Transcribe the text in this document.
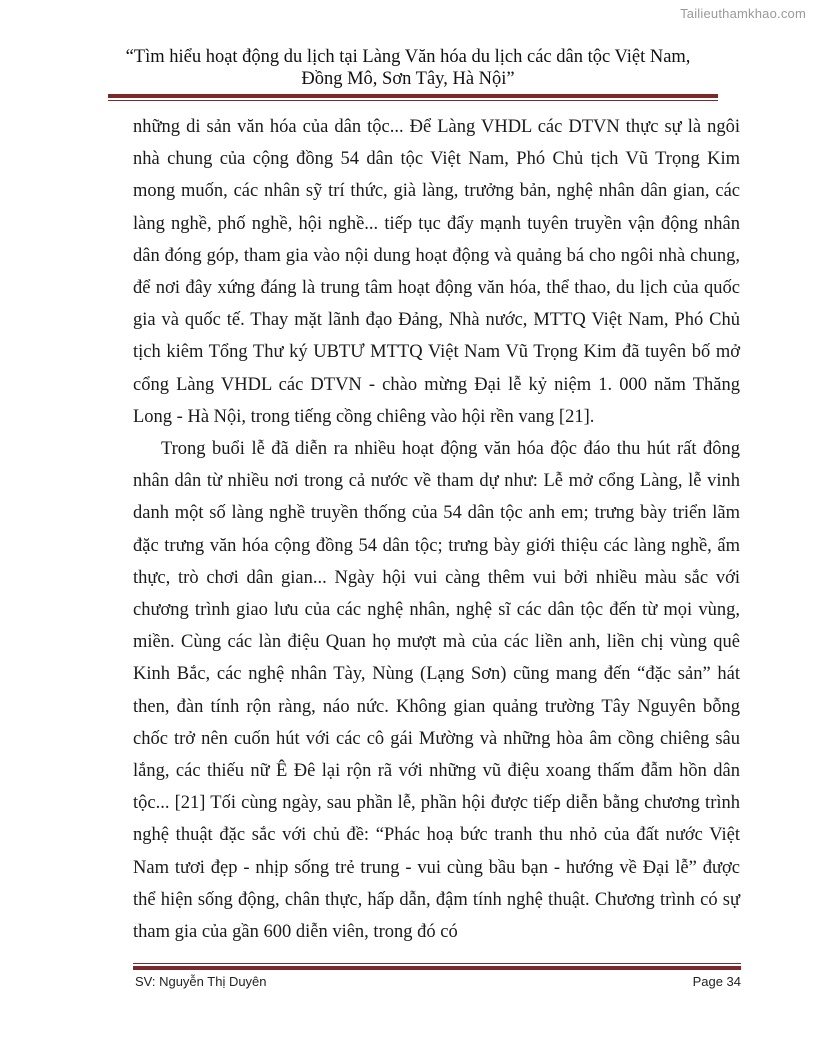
Tailieuthamkhao.com
“Tìm hiểu hoạt động du lịch tại Làng Văn hóa du lịch các dân tộc Việt Nam,
Đồng Mô, Sơn Tây, Hà Nội”

những di sản văn hóa của dân tộc... Để Làng VHDL các DTVN thực sự là ngôi nhà chung của cộng đồng 54 dân tộc Việt Nam, Phó Chủ tịch Vũ Trọng Kim mong muốn, các nhân sỹ trí thức, già làng, trưởng bản, nghệ nhân dân gian, các làng nghề, phố nghề, hội nghề... tiếp tục đẩy mạnh tuyên truyền vận động nhân dân đóng góp, tham gia vào nội dung hoạt động và quảng bá cho ngôi nhà chung, để nơi đây xứng đáng là trung tâm hoạt động văn hóa, thể thao, du lịch của quốc gia và quốc tế. Thay mặt lãnh đạo Đảng, Nhà nước, MTTQ Việt Nam, Phó Chủ tịch kiêm Tổng Thư ký UBTƯ MTTQ Việt Nam Vũ Trọng Kim đã tuyên bố mở cổng Làng VHDL các DTVN - chào mừng Đại lễ kỷ niệm 1. 000 năm Thăng Long - Hà Nội, trong tiếng cồng chiêng vào hội rền vang [21].

Trong buổi lễ đã diễn ra nhiều hoạt động văn hóa độc đáo thu hút rất đông nhân dân từ nhiều nơi trong cả nước về tham dự như: Lễ mở cổng Làng, lễ vinh danh một số làng nghề truyền thống của 54 dân tộc anh em; trưng bày triển lãm đặc trưng văn hóa cộng đồng 54 dân tộc; trưng bày giới thiệu các làng nghề, ẩm thực, trò chơi dân gian... Ngày hội vui càng thêm vui bởi nhiều màu sắc với chương trình giao lưu của các nghệ nhân, nghệ sĩ các dân tộc đến từ mọi vùng, miền. Cùng các làn điệu Quan họ mượt mà của các liền anh, liền chị vùng quê Kinh Bắc, các nghệ nhân Tày, Nùng (Lạng Sơn) cũng mang đến “đặc sản” hát then, đàn tính rộn ràng, náo nức. Không gian quảng trường Tây Nguyên bỗng chốc trở nên cuốn hút với các cô gái Mường và những hòa âm cồng chiêng sâu lắng, các thiếu nữ Ê Đê lại rộn rã với những vũ điệu xoang thấm đẫm hồn dân tộc... [21] Tối cùng ngày, sau phần lễ, phần hội được tiếp diễn bằng chương trình nghệ thuật đặc sắc với chủ đề: “Phác hoạ bức tranh thu nhỏ của đất nước Việt Nam tươi đẹp - nhịp sống trẻ trung - vui cùng bầu bạn - hướng về Đại lễ” được thể hiện sống động, chân thực, hấp dẫn, đậm tính nghệ thuật. Chương trình có sự tham gia của gần 600 diễn viên, trong đó có

SV: Nguyễn Thị Duyên	Page 34
